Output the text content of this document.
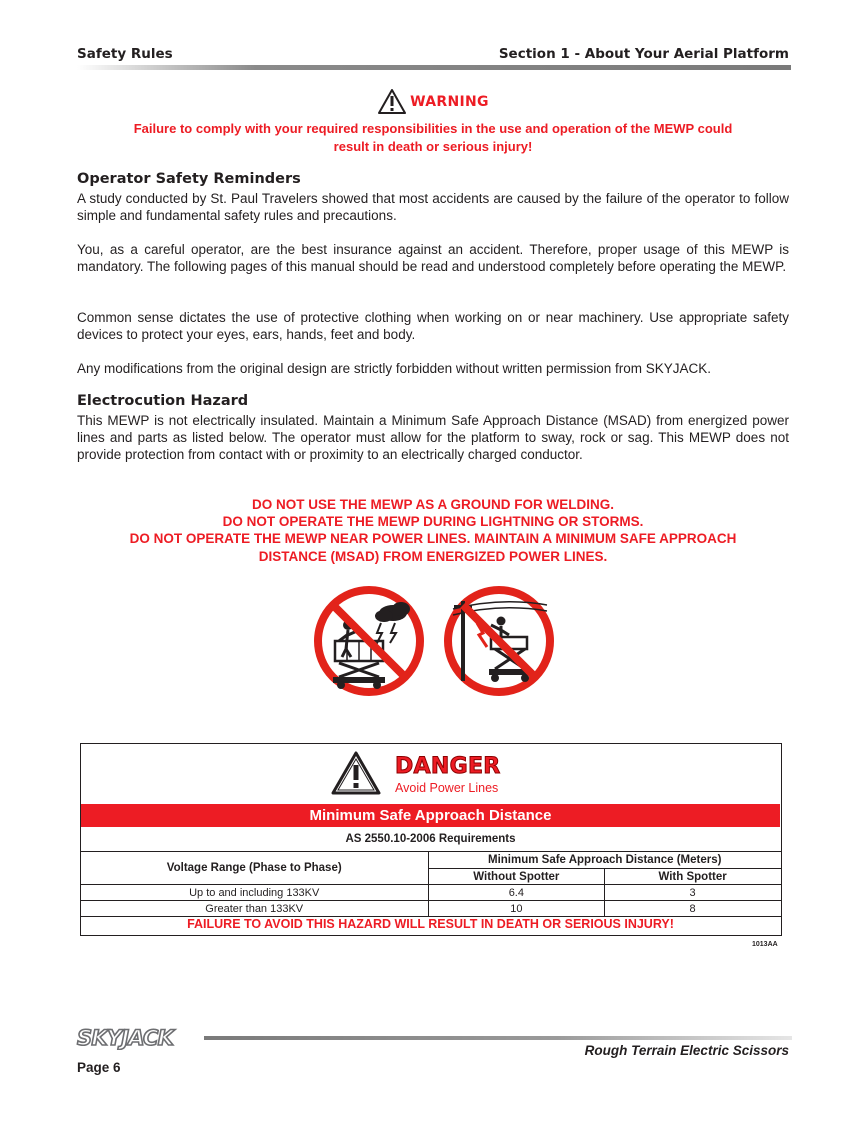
Safety Rules	Section 1 - About Your Aerial Platform
WARNING
Failure to comply with your required responsibilities in the use and operation of the MEWP could
result in death or serious injury!
Operator Safety Reminders

A study conducted by St. Paul Travelers showed that most accidents are caused by the failure of the operator to follow simple and fundamental safety rules and precautions.

You, as a careful operator, are the best insurance against an accident. Therefore, proper usage of this MEWP is mandatory. The following pages of this manual should be read and understood completely before operating the MEWP.

Common sense dictates the use of protective clothing when working on or near machinery. Use appropriate safety devices to protect your eyes, ears, hands, feet and body.

Any modifications from the original design are strictly forbidden without written permission from SKYJACK.

Electrocution Hazard

This MEWP is not electrically insulated. Maintain a Minimum Safe Approach Distance (MSAD) from energized power lines and parts as listed below. The operator must allow for the platform to sway, rock or sag. This MEWP does not provide protection from contact with or proximity to an electrically charged conductor.

DO NOT USE THE MEWP AS A GROUND FOR WELDING.
DO NOT OPERATE THE MEWP DURING LIGHTNING OR STORMS.
DO NOT OPERATE THE MEWP NEAR POWER LINES. MAINTAIN A MINIMUM SAFE APPROACH
DISTANCE (MSAD) FROM ENERGIZED POWER LINES.
DANGER
Avoid Power Lines
Minimum Safe Approach Distance
AS 2550.10-2006 Requirements
Voltage Range (Phase to Phase)	Minimum Safe Approach Distance (Meters)	
	Without Spotter	With Spotter
Up to and including 133KV	6.4	3
Greater than 133KV	10	8
FAILURE TO AVOID THIS HAZARD WILL RESULT IN DEATH OR SERIOUS INJURY!
1013AA
SKYJACK
Rough Terrain Electric Scissors
Page 6
